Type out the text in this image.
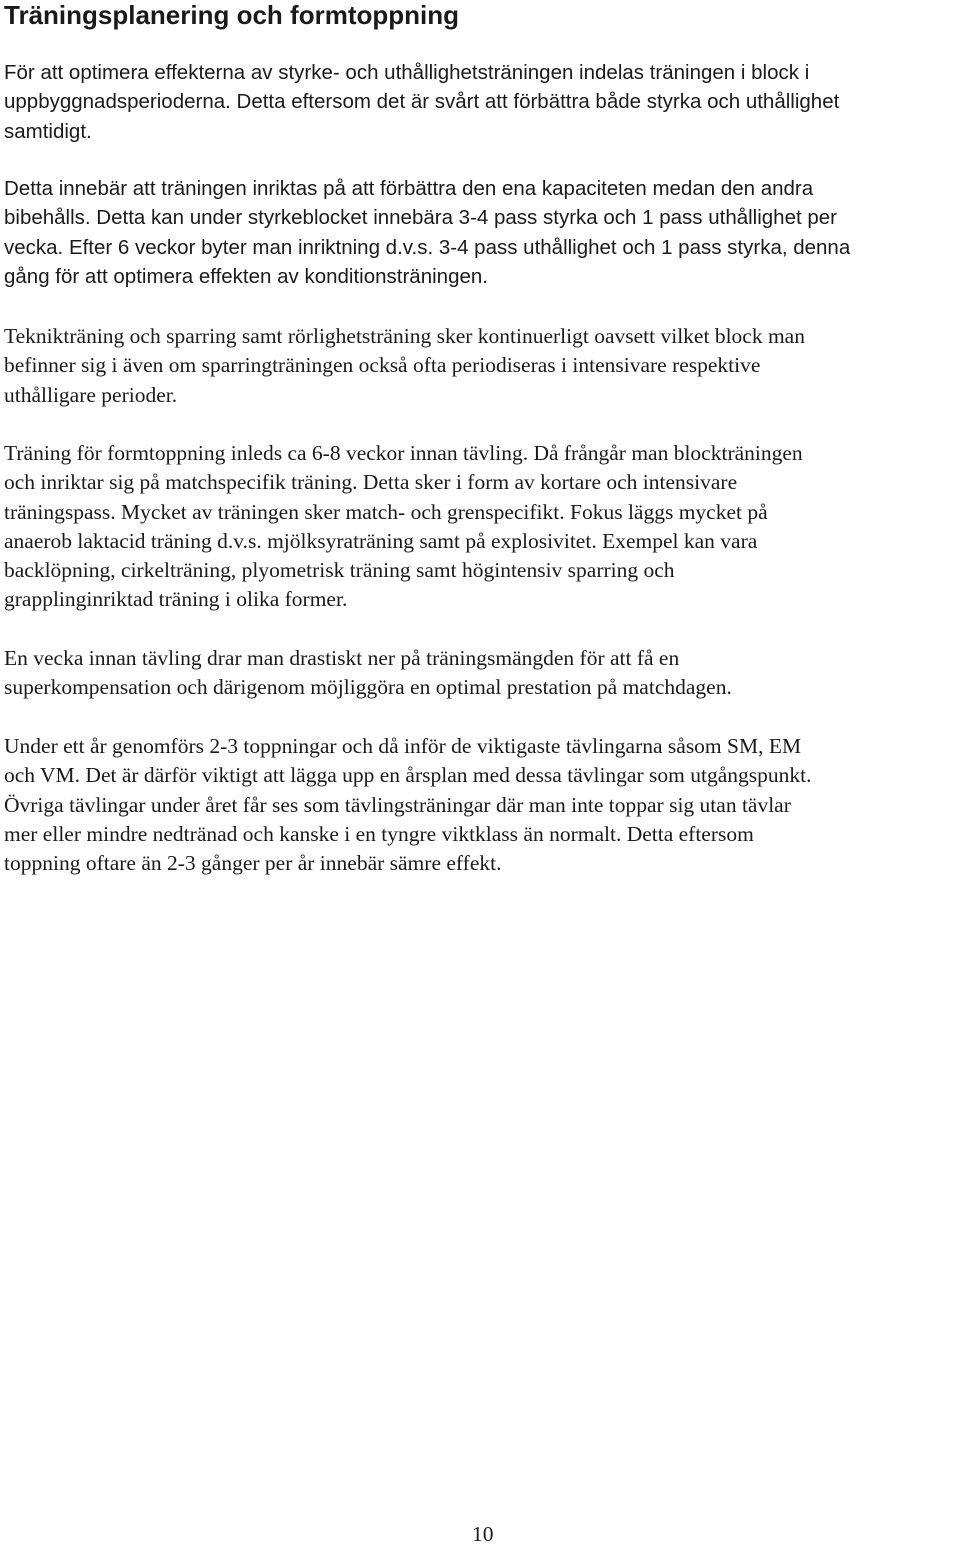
Träningsplanering och formtoppning

För att optimera effekterna av styrke- och uthållighetsträningen indelas träningen i block i
uppbyggnadsperioderna. Detta eftersom det är svårt att förbättra både styrka och uthållighet
samtidigt.

Detta innebär att träningen inriktas på att förbättra den ena kapaciteten medan den andra
bibehålls. Detta kan under styrkeblocket innebära 3-4 pass styrka och 1 pass uthållighet per
vecka. Efter 6 veckor byter man inriktning d.v.s. 3-4 pass uthållighet och 1 pass styrka, denna
gång för att optimera effekten av konditionsträningen.

Teknikträning och sparring samt rörlighetsträning sker kontinuerligt oavsett vilket block man
befinner sig i även om sparringträningen också ofta periodiseras i intensivare respektive
uthålligare perioder.

Träning för formtoppning inleds ca 6-8 veckor innan tävling. Då frångår man blockträningen
och inriktar sig på matchspecifik träning. Detta sker i form av kortare och intensivare
träningspass. Mycket av träningen sker match- och grenspecifikt. Fokus läggs mycket på
anaerob laktacid träning d.v.s. mjölksyraträning samt på explosivitet. Exempel kan vara
backlöpning, cirkelträning, plyometrisk träning samt högintensiv sparring och
grapplinginriktad träning i olika former.

En vecka innan tävling drar man drastiskt ner på träningsmängden för att få en
superkompensation och därigenom möjliggöra en optimal prestation på matchdagen.

Under ett år genomförs 2-3 toppningar och då inför de viktigaste tävlingarna såsom SM, EM
och VM. Det är därför viktigt att lägga upp en årsplan med dessa tävlingar som utgångspunkt.
Övriga tävlingar under året får ses som tävlingsträningar där man inte toppar sig utan tävlar
mer eller mindre nedtränad och kanske i en tyngre viktklass än normalt. Detta eftersom
toppning oftare än 2-3 gånger per år innebär sämre effekt.

10
